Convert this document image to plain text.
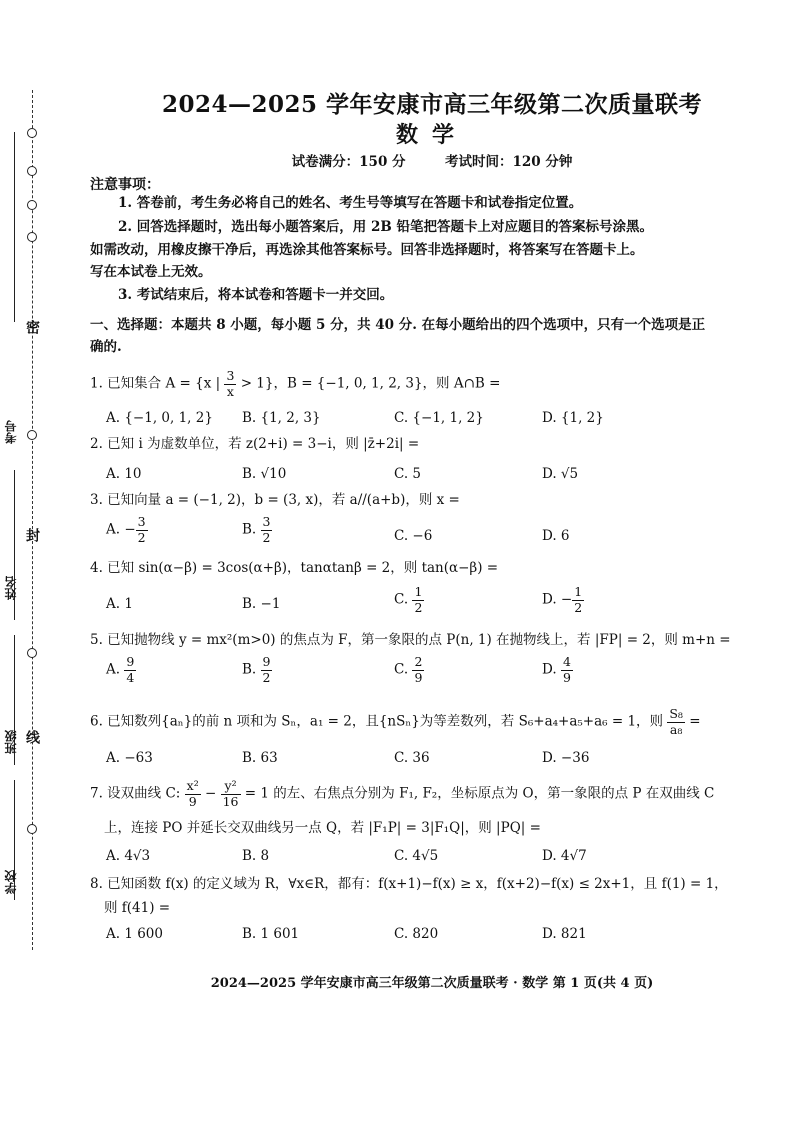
密
封
线
学校
班级
姓名
考号
2024—2025 学年安康市高三年级第二次质量联考
数学
试卷满分：150 分	考试时间：120 分钟
注意事项：
1. 答卷前，考生务必将自己的姓名、考生号等填写在答题卡和试卷指定位置。
2. 回答选择题时，选出每小题答案后，用 2B 铅笔把答题卡上对应题目的答案标号涂黑。
如需改动，用橡皮擦干净后，再选涂其他答案标号。回答非选择题时，将答案写在答题卡上。
写在本试卷上无效。
3. 考试结束后，将本试卷和答题卡一并交回。
一、选择题：本题共 8 小题，每小题 5 分，共 40 分. 在每小题给出的四个选项中，只有一个选项是正
确的.
1. 已知集合 A = {x | $\frac{3}{x} > 1$}，B = {−1, 0, 1, 2, 3}，则 A∩B =
A. {−1, 0, 1, 2} B. {1, 2, 3}	C. {−1, 1, 2}	D. {1, 2}
2. 已知 i 为虚数单位，若 z(2+i) = 3−i，则 |z̄+2i| =
A. 10	B. √10	C. 5	D. √5
3. 已知向量 a = (−1, 2)，b = (3, x)，若 a//(a+b)，则 x =
A. − $\frac{3}{2}$	B. $\frac{3}{2}$	C. −6	D. 6
4. 已知 sin(α−β) = 3cos(α+β)，tanαtanβ = 2，则 tan(α−β) =
A. 1	B. −1	C. $\frac{1}{2}$	D. − $\frac{1}{2}$
5. 已知抛物线 y = mx²(m>0) 的焦点为 F，第一象限的点 P(n, 1) 在抛物线上，若 |FP| = 2，则 m+n =
A. $\frac{9}{4}$	B. $\frac{9}{2}$	C. $\frac{2}{9}$	D. $\frac{4}{9}$
6. 已知数列{aₙ}的前 n 项和为 Sₙ，a₁ = 2，且{nSₙ}为等差数列，若 S₆+a₄+a₅+a₆ = 1，则 $\frac{\text{S₈}}{\text{a₈}}$ =
A. −63	B. 63	C. 36	D. −36
7. 设双曲线 C: $\frac{\text{x²}}{9} - \frac{\text{y²}}{16} = 1$ 的左、右焦点分别为 F₁, F₂，坐标原点为 O，第一象限的点 P 在双曲线 C
上，连接 PO 并延长交双曲线另一点 Q，若 |F₁P| = 3|F₁Q|，则 |PQ| =
A. 4√3	B. 8	C. 4√5	D. 4√7
8. 已知函数 f(x) 的定义域为 R，∀x∈R，都有：f(x+1)−f(x) ≥ x，f(x+2)−f(x) ≤ 2x+1，且 f(1) = 1，
则 f(41) =
A. 1 600	B. 1 601	C. 820	D. 821
2024—2025 学年安康市高三年级第二次质量联考 · 数学 第 1 页(共 4 页)
